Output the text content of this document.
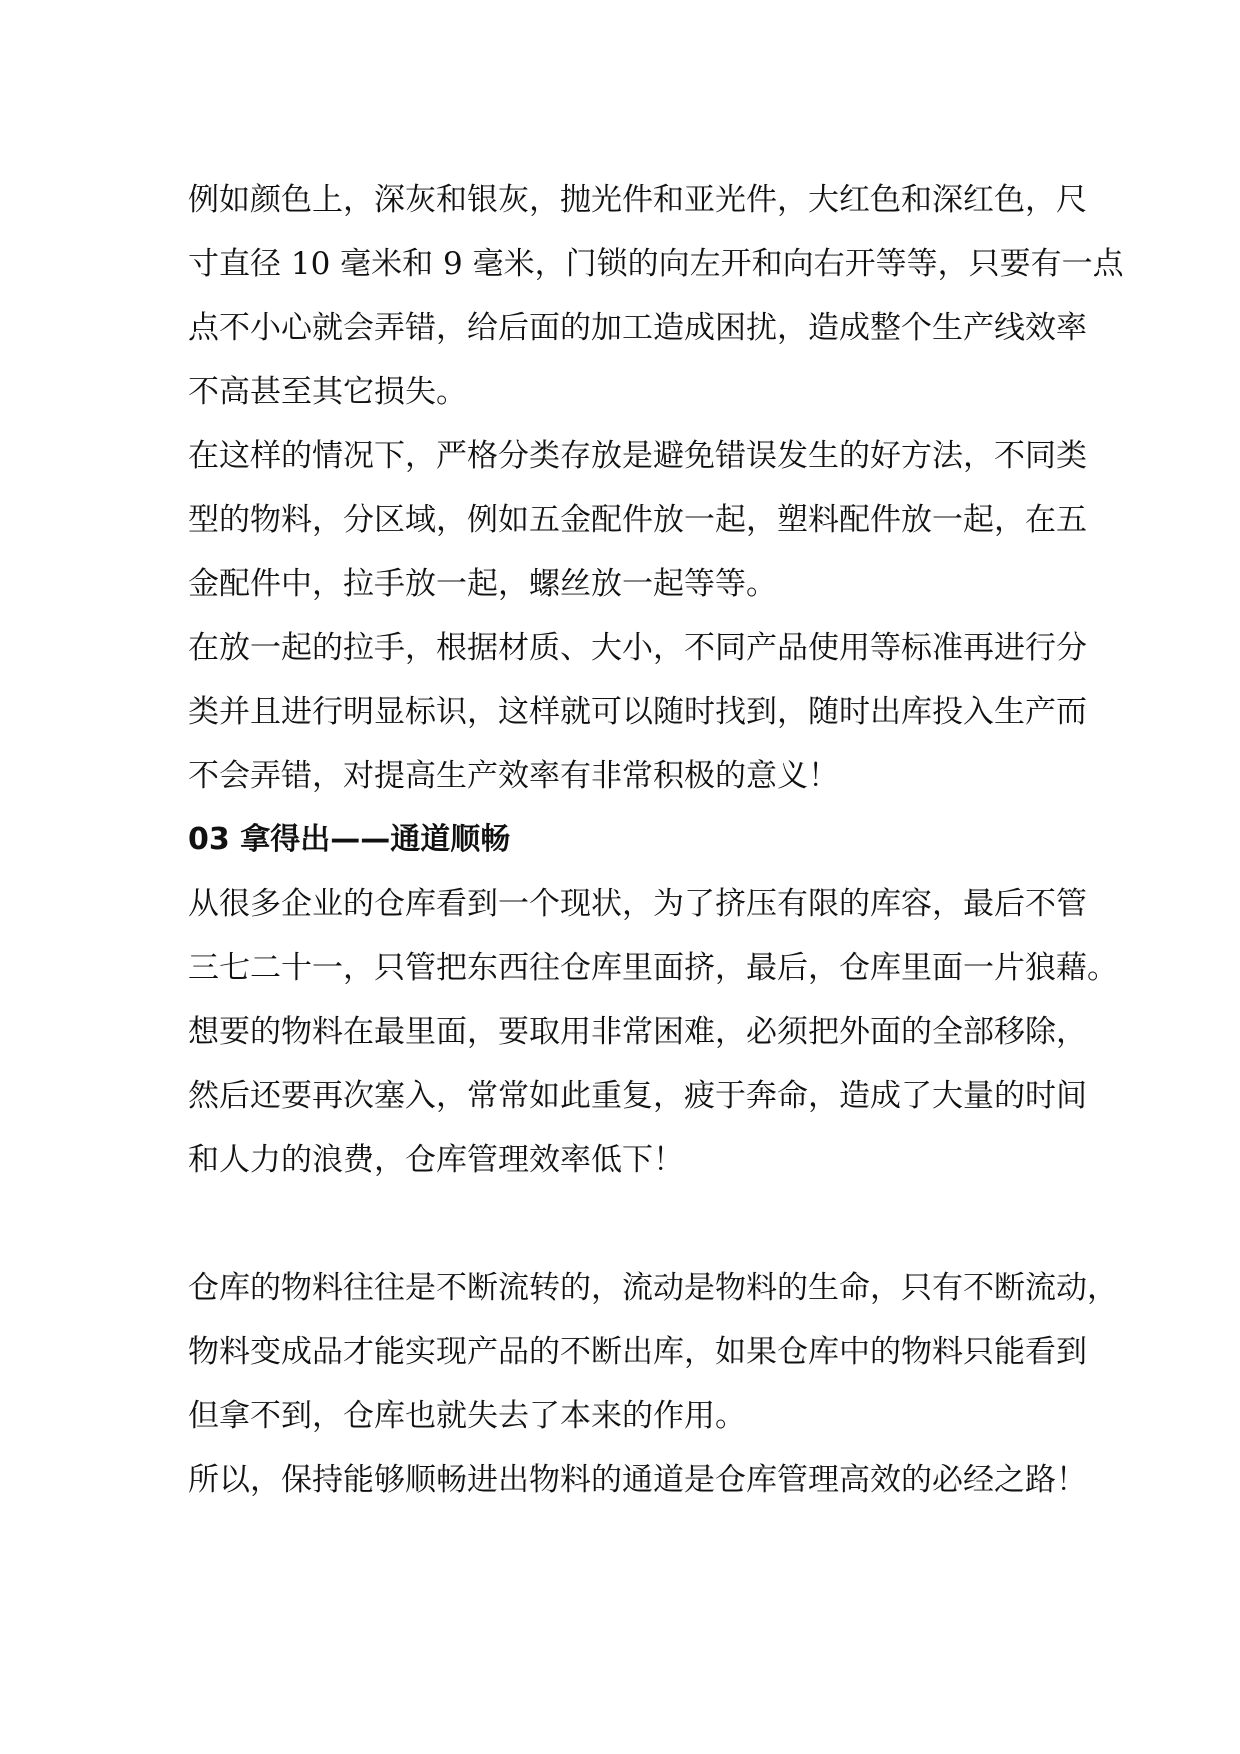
例如颜色上，深灰和银灰，抛光件和亚光件，大红色和深红色，尺
寸直径 10 毫米和 9 毫米，门锁的向左开和向右开等等，只要有一点
点不小心就会弄错，给后面的加工造成困扰，造成整个生产线效率
不高甚至其它损失。

在这样的情况下，严格分类存放是避免错误发生的好方法，不同类
型的物料，分区域，例如五金配件放一起，塑料配件放一起，在五
金配件中，拉手放一起，螺丝放一起等等。

在放一起的拉手，根据材质、大小，不同产品使用等标准再进行分
类并且进行明显标识，这样就可以随时找到，随时出库投入生产而
不会弄错，对提高生产效率有非常积极的意义！

03 拿得出——通道顺畅

从很多企业的仓库看到一个现状，为了挤压有限的库容，最后不管
三七二十一，只管把东西往仓库里面挤，最后，仓库里面一片狼藉。
想要的物料在最里面，要取用非常困难，必须把外面的全部移除，
然后还要再次塞入，常常如此重复，疲于奔命，造成了大量的时间
和人力的浪费，仓库管理效率低下！

仓库的物料往往是不断流转的，流动是物料的生命，只有不断流动，
物料变成品才能实现产品的不断出库，如果仓库中的物料只能看到
但拿不到，仓库也就失去了本来的作用。

所以，保持能够顺畅进出物料的通道是仓库管理高效的必经之路！
